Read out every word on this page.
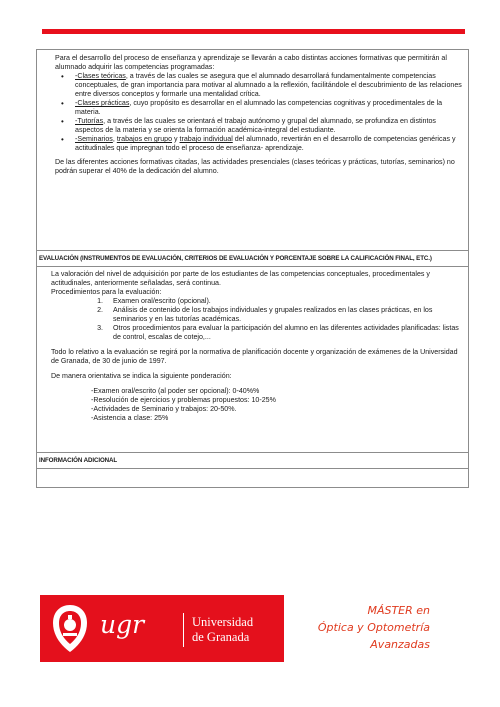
Para el desarrollo del proceso de enseñanza y aprendizaje se llevarán a cabo distintas acciones formativas que permitirán al alumnado adquirir las competencias programadas:

• -Clases teóricas, a través de las cuales se asegura que el alumnado desarrollará fundamentalmente competencias conceptuales, de gran importancia para motivar al alumnado a la reflexión, facilitándole el descubrimiento de las relaciones entre diversos conceptos y formarle una mentalidad crítica.
• -Clases prácticas, cuyo propósito es desarrollar en el alumnado las competencias cognitivas y procedimentales de la materia.
• -Tutorías, a través de las cuales se orientará el trabajo autónomo y grupal del alumnado, se profundiza en distintos aspectos de la materia y se orienta la formación académica-integral del estudiante.
• -Seminarios, trabajos en grupo y trabajo individual del alumnado, revertirán en el desarrollo de competencias genéricas y actitudinales que impregnan todo el proceso de enseñanza- aprendizaje.

De las diferentes acciones formativas citadas, las actividades presenciales (clases teóricas y prácticas, tutorías, seminarios) no podrán superar el 40% de la dedicación del alumno.

EVALUACIÓN (INSTRUMENTOS DE EVALUACIÓN, CRITERIOS DE EVALUACIÓN Y PORCENTAJE SOBRE LA CALIFICACIÓN FINAL, ETC.)

La valoración del nivel de adquisición por parte de los estudiantes de las competencias conceptuales, procedimentales y actitudinales, anteriormente señaladas, será continua.

Procedimientos para la evaluación:

1. Examen oral/escrito (opcional).
2. Análisis de contenido de los trabajos individuales y grupales realizados en las clases prácticas, en los seminarios y en las tutorías académicas.
3. Otros procedimientos para evaluar la participación del alumno en las diferentes actividades planificadas: listas de control, escalas de cotejo,...

Todo lo relativo a la evaluación se regirá por la normativa de planificación docente y organización de exámenes de la Universidad de Granada, de 30 de junio de 1997.

De manera orientativa se indica la siguiente ponderación:

-Examen oral/escrito (al poder ser opcional): 0-40%%

-Resolución de ejercicios y problemas propuestos: 10-25%

-Actividades de Seminario y trabajos: 20-50%.

-Asistencia a clase: 25%

INFORMACIÓN ADICIONAL
ugr	Universidad
de Granada
MÁSTER en
Óptica y Optometría
Avanzadas
